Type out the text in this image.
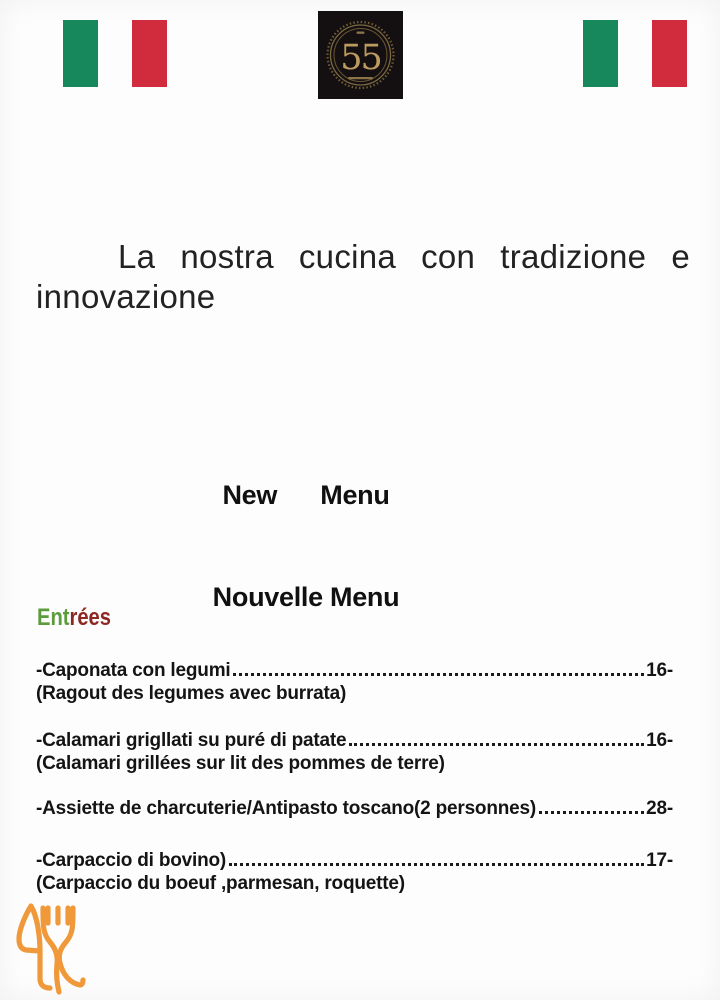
55
La nostra cucina con tradizione e innovazione

New      Menu

Nouvelle Menu

Entrées
-Caponata con legumi	16-
(Ragout des legumes avec burrata)
-Calamari grigllati su puré di patate	16-
(Calamari grillées sur lit des pommes de terre)
-Assiette de charcuterie/Antipasto toscano(2 personnes)	28-
-Carpaccio di bovino)	17-
(Carpaccio du boeuf ,parmesan, roquette)
